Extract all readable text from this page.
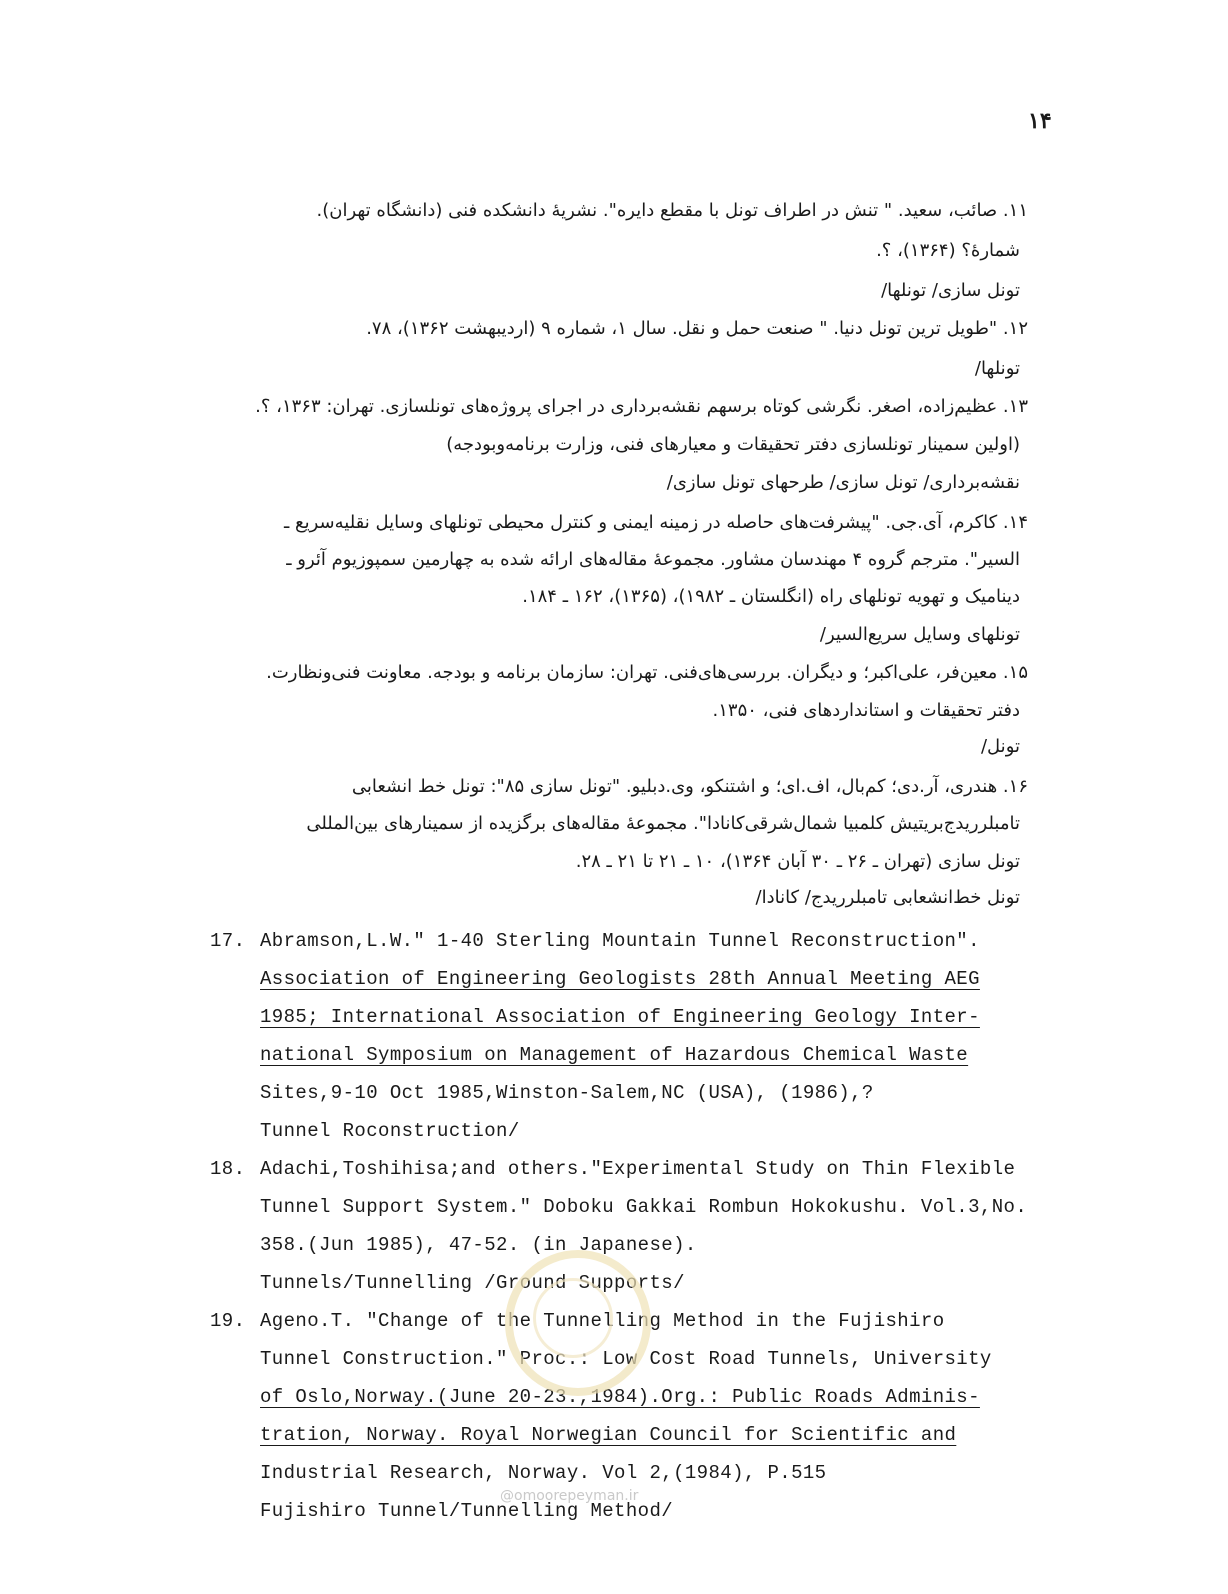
۱۴
۱۱. صائب، سعید. " تنش در اطراف تونل با مقطع دایره". نشریهٔ دانشکده فنی (دانشگاه تهران).
شمارهٔ؟ (۱۳۶۴)، ؟.
تونل سازی/ تونلها/
۱۲. "طویل ترین تونل دنیا. " صنعت حمل و نقل. سال ۱، شماره ۹ (اردیبهشت ۱۳۶۲)، ۷۸.
تونلها/
۱۳. عظیم‌زاده، اصغر. نگرشی کوتاه برسهم نقشه‌برداری در اجرای پروژه‌های تونلسازی. تهران: ۱۳۶۳، ؟.
(اولین سمینار تونلسازی دفتر تحقیقات و معیارهای فنی، وزارت برنامه‌وبودجه)
نقشه‌برداری/ تونل سازی/ طرحهای تونل سازی/
۱۴. کاکرم، آی.جی. "پیشرفت‌های حاصله در زمینه ایمنی و کنترل محیطی تونلهای وسایل نقلیه‌سریع ـ
السیر". مترجم گروه ۴ مهندسان مشاور. مجموعهٔ مقاله‌های ارائه شده به چهارمین سمپوزیوم آئرو ـ
دینامیک و تهویه تونلهای راه (انگلستان ـ ۱۹۸۲)، (۱۳۶۵)، ۱۶۲ ـ ۱۸۴.
تونلهای وسایل سریع‌السیر/
۱۵. معین‌فر، علی‌اکبر؛ و دیگران. بررسی‌های‌فنی. تهران: سازمان برنامه و بودجه. معاونت فنی‌ونظارت.
دفتر تحقیقات و استانداردهای فنی، ۱۳۵۰.
تونل/
۱۶. هندری، آر.دی؛ کم‌بال، اف.ای؛ و اشتنکو، وی.دبلیو. "تونل سازی ۸۵": تونل خط انشعابی
تامبلرریدج‌بریتیش کلمبیا شمال‌شرقی‌کانادا". مجموعهٔ مقاله‌های برگزیده از سمینارهای بین‌المللی
تونل سازی (تهران ـ ۲۶ ـ ۳۰ آبان ۱۳۶۴)، ۱۰ ـ ۲۱ تا ۲۱ ـ ۲۸.
تونل خط‌انشعابی تامبلرریدج/ کانادا/
17. Abramson,L.W." 1-40 Sterling Mountain Tunnel Reconstruction".
Association of Engineering Geologists 28th Annual Meeting AEG
1985; International Association of Engineering Geology Inter-
national Symposium on Management of Hazardous Chemical Waste
Sites,9-10 Oct 1985,Winston-Salem,NC (USA), (1986),?
Tunnel Roconstruction/
18. Adachi,Toshihisa;and others."Experimental Study on Thin Flexible
Tunnel Support System." Doboku Gakkai Rombun Hokokushu. Vol.3,No.
358.(Jun 1985), 47-52. (in Japanese).
Tunnels/Tunnelling /Ground Supports/
19. Ageno.T. "Change of the Tunnelling Method in the Fujishiro
Tunnel Construction." Proc.: Low Cost Road Tunnels, University
of Oslo,Norway.(June 20-23.,1984).Org.: Public Roads Adminis-
tration, Norway. Royal Norwegian Council for Scientific and
Industrial Research, Norway. Vol 2,(1984), P.515
Fujishiro Tunnel/Tunnelling Method/
@omoorepeyman.ir
